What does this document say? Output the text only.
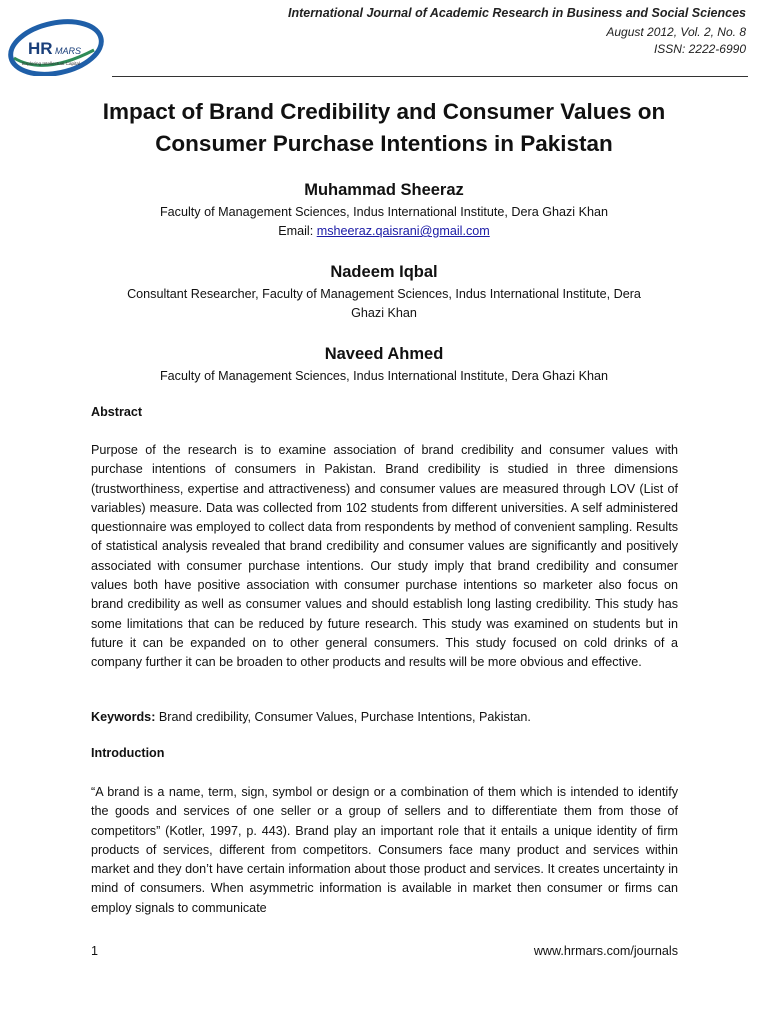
HR MARS
Exploring Intellectual Capital
International Journal of Academic Research in Business and Social Sciences
August 2012, Vol. 2, No. 8
ISSN: 2222-6990
Impact of Brand Credibility and Consumer Values on
Consumer Purchase Intentions in Pakistan
Muhammad Sheeraz
Faculty of Management Sciences, Indus International Institute, Dera Ghazi Khan
Email: msheeraz.qaisrani@gmail.com
Nadeem Iqbal
Consultant Researcher, Faculty of Management Sciences, Indus International Institute, Dera
Ghazi Khan
Naveed Ahmed
Faculty of Management Sciences, Indus International Institute, Dera Ghazi Khan
Abstract
Purpose of the research is to examine association of brand credibility and consumer values with purchase intentions of consumers in Pakistan. Brand credibility is studied in three dimensions (trustworthiness, expertise and attractiveness) and consumer values are measured through LOV (List of variables) measure. Data was collected from 102 students from different universities. A self administered questionnaire was employed to collect data from respondents by method of convenient sampling. Results of statistical analysis revealed that brand credibility and consumer values are significantly and positively associated with consumer purchase intentions. Our study imply that brand credibility and consumer values both have positive association with consumer purchase intentions so marketer also focus on brand credibility as well as consumer values and should establish long lasting credibility. This study has some limitations that can be reduced by future research. This study was examined on students but in future it can be expanded on to other general consumers. This study focused on cold drinks of a company further it can be broaden to other products and results will be more obvious and effective.
Keywords: Brand credibility, Consumer Values, Purchase Intentions, Pakistan.
Introduction
“A brand is a name, term, sign, symbol or design or a combination of them which is intended to identify the goods and services of one seller or a group of sellers and to differentiate them from those of competitors” (Kotler, 1997, p. 443). Brand play an important role that it entails a unique identity of firm products of services, different from competitors. Consumers face many product and services within market and they don’t have certain information about those product and services. It creates uncertainty in mind of consumers. When asymmetric information is available in market then consumer or firms can employ signals to communicate
1	www.hrmars.com/journals
